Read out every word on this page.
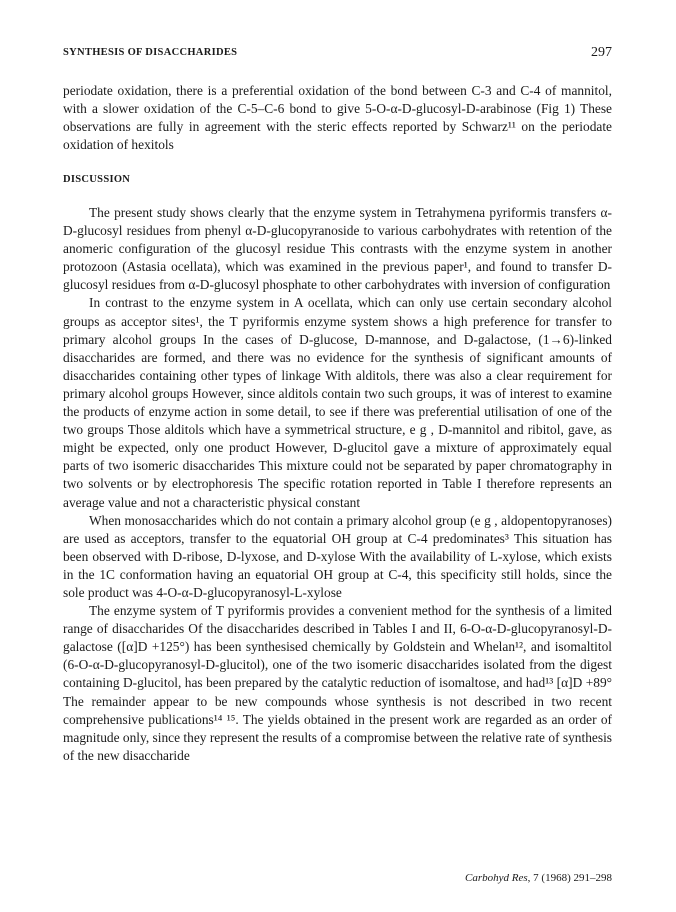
SYNTHESIS OF DISACCHARIDES	297

periodate oxidation, there is a preferential oxidation of the bond between C-3 and C-4 of mannitol, with a slower oxidation of the C-5–C-6 bond to give 5-O-α-D-glucosyl-D-arabinose (Fig 1) These observations are fully in agreement with the steric effects reported by Schwarz¹¹ on the periodate oxidation of hexitols

DISCUSSION

The present study shows clearly that the enzyme system in Tetrahymena pyriformis transfers α-D-glucosyl residues from phenyl α-D-glucopyranoside to various carbohydrates with retention of the anomeric configuration of the glucosyl residue This contrasts with the enzyme system in another protozoon (Astasia ocellata), which was examined in the previous paper¹, and found to transfer D-glucosyl residues from α-D-glucosyl phosphate to other carbohydrates with inversion of configuration

In contrast to the enzyme system in A ocellata, which can only use certain secondary alcohol groups as acceptor sites¹, the T pyriformis enzyme system shows a high preference for transfer to primary alcohol groups In the cases of D-glucose, D-mannose, and D-galactose, (1→6)-linked disaccharides are formed, and there was no evidence for the synthesis of significant amounts of disaccharides containing other types of linkage With alditols, there was also a clear requirement for primary alcohol groups However, since alditols contain two such groups, it was of interest to examine the products of enzyme action in some detail, to see if there was preferential utilisation of one of the two groups Those alditols which have a symmetrical structure, e g , D-mannitol and ribitol, gave, as might be expected, only one product However, D-glucitol gave a mixture of approximately equal parts of two isomeric disaccharides This mixture could not be separated by paper chromatography in two solvents or by electrophoresis The specific rotation reported in Table I therefore represents an average value and not a characteristic physical constant

When monosaccharides which do not contain a primary alcohol group (e g , aldopentopyranoses) are used as acceptors, transfer to the equatorial OH group at C-4 predominates³ This situation has been observed with D-ribose, D-lyxose, and D-xylose With the availability of L-xylose, which exists in the 1C conformation having an equatorial OH group at C-4, this specificity still holds, since the sole product was 4-O-α-D-glucopyranosyl-L-xylose

The enzyme system of T pyriformis provides a convenient method for the synthesis of a limited range of disaccharides Of the disaccharides described in Tables I and II, 6-O-α-D-glucopyranosyl-D-galactose ([α]D +125°) has been synthesised chemically by Goldstein and Whelan¹², and isomaltitol (6-O-α-D-glucopyranosyl-D-glucitol), one of the two isomeric disaccharides isolated from the digest containing D-glucitol, has been prepared by the catalytic reduction of isomaltose, and had¹³ [α]D +89° The remainder appear to be new compounds whose synthesis is not described in two recent comprehensive publications¹⁴ ¹⁵. The yields obtained in the present work are regarded as an order of magnitude only, since they represent the results of a compromise between the relative rate of synthesis of the new disaccharide

Carbohyd Res, 7 (1968) 291–298
